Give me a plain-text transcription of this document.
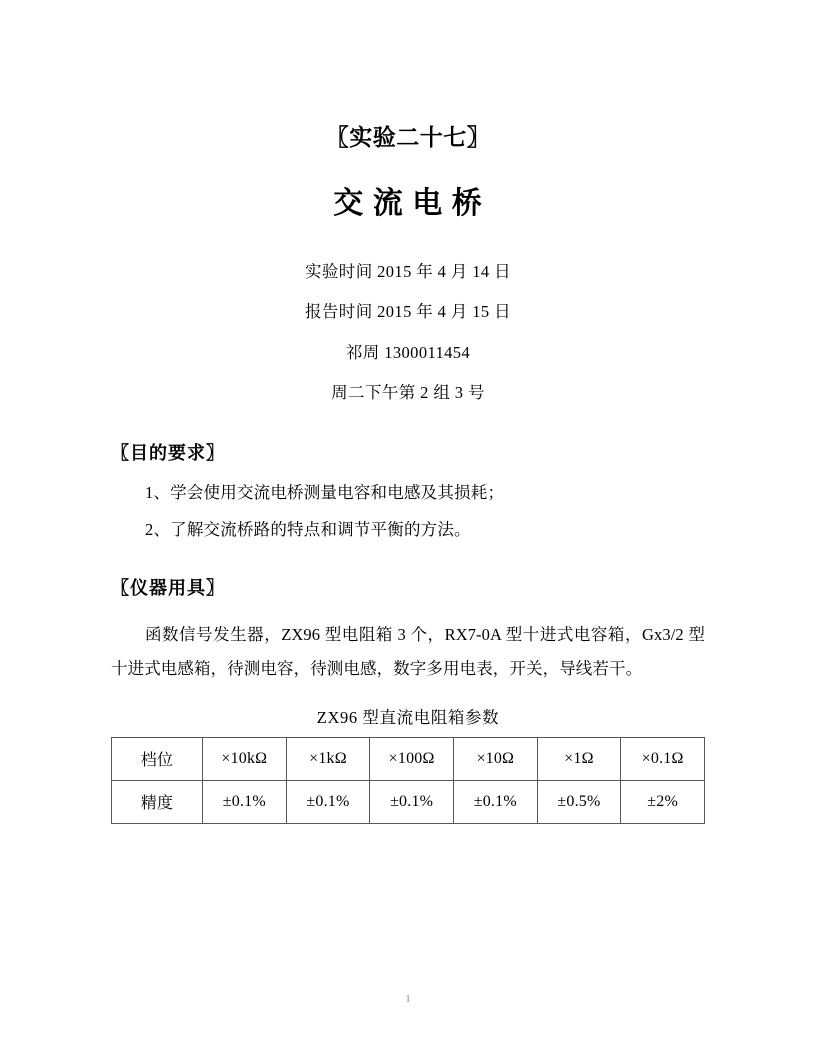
〖实验二十七〗
交 流 电 桥

实验时间 2015 年 4 月 14 日

报告时间 2015 年 4 月 15 日

祁周 1300011454

周二下午第 2 组 3 号

〖目的要求〗

1、学会使用交流电桥测量电容和电感及其损耗；

2、了解交流桥路的特点和调节平衡的方法。

〖仪器用具〗

函数信号发生器，ZX96 型电阻箱 3 个，RX7-0A 型十进式电容箱，Gx3/2 型十进式电感箱，待测电容，待测电感，数字多用电表，开关，导线若干。

ZX96 型直流电阻箱参数

档位	×10kΩ	×1kΩ	×100Ω	×10Ω	×1Ω	×0.1Ω
精度	±0.1%	±0.1%	±0.1%	±0.1%	±0.5%	±2%
1
